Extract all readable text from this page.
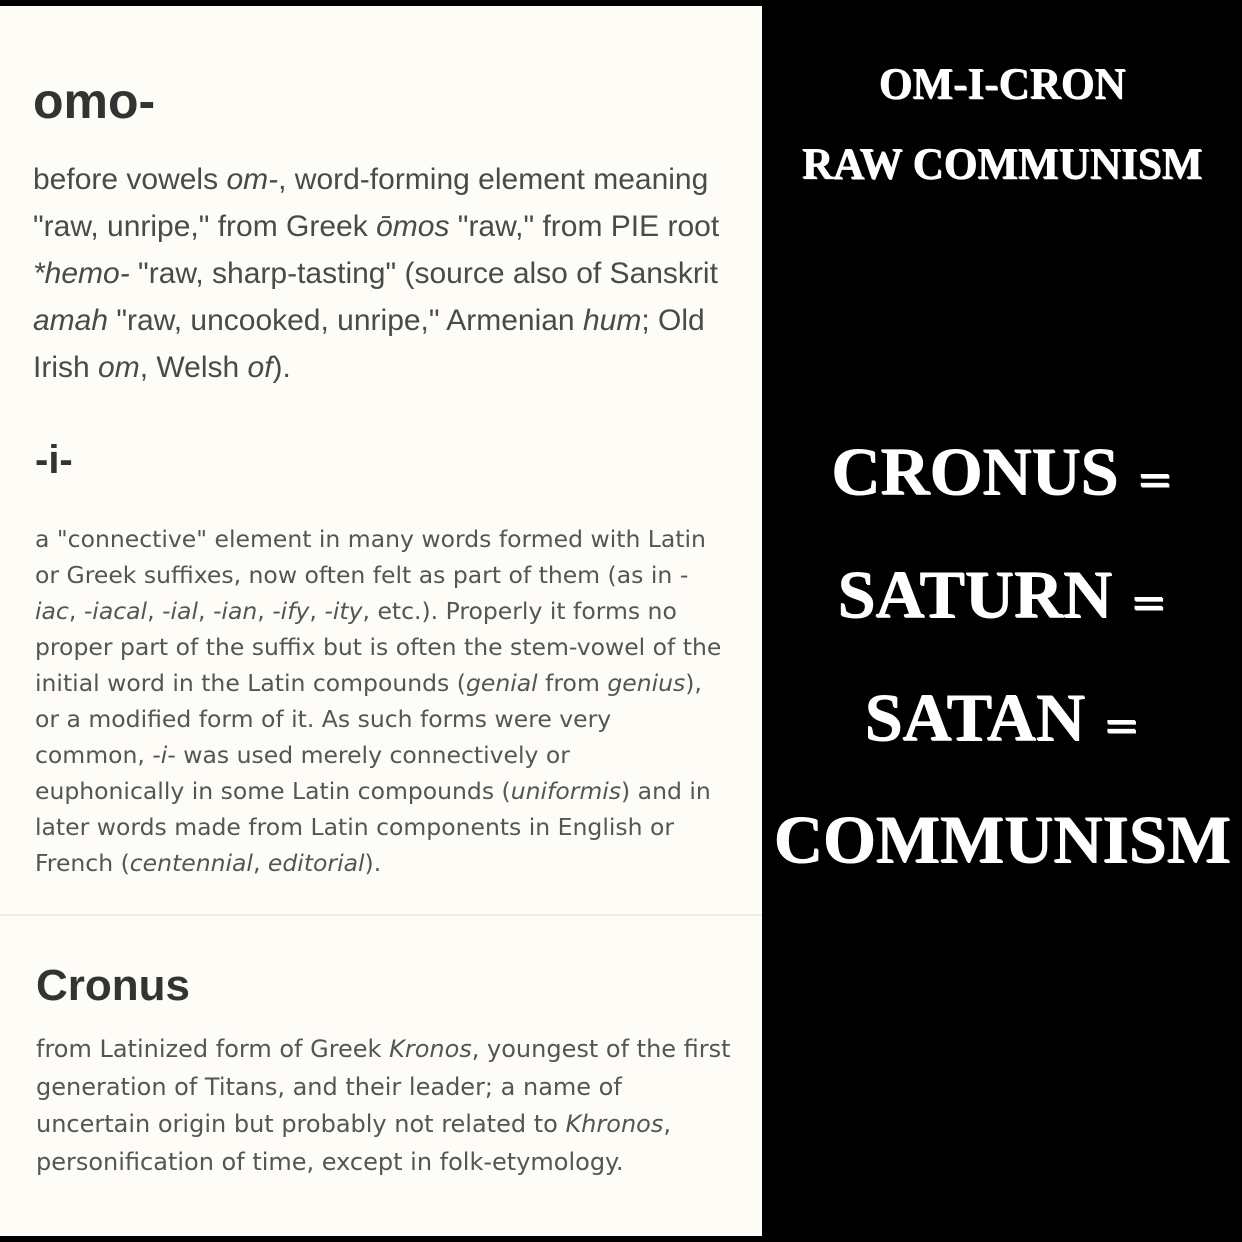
omo-

before vowels om-, word-forming element meaning "raw, unripe," from Greek ōmos "raw," from PIE root *hemo- "raw, sharp-tasting" (source also of Sanskrit amah "raw, uncooked, unripe," Armenian hum; Old Irish om, Welsh of).

-i-

a "connective" element in many words formed with Latin or Greek suffixes, now often felt as part of them (as in -iac, -iacal, -ial, -ian, -ify, -ity, etc.). Properly it forms no proper part of the suffix but is often the stem-vowel of the initial word in the Latin compounds (genial from genius), or a modified form of it. As such forms were very common, -i- was used merely connectively or euphonically in some Latin compounds (uniformis) and in later words made from Latin components in English or French (centennial, editorial).

Cronus

from Latinized form of Greek Kronos, youngest of the first generation of Titans, and their leader; a name of uncertain origin but probably not related to Khronos, personification of time, except in folk-etymology.

OM-I-CRON
RAW COMMUNISM
CRONUS =
SATURN =
SATAN =
COMMUNISM
